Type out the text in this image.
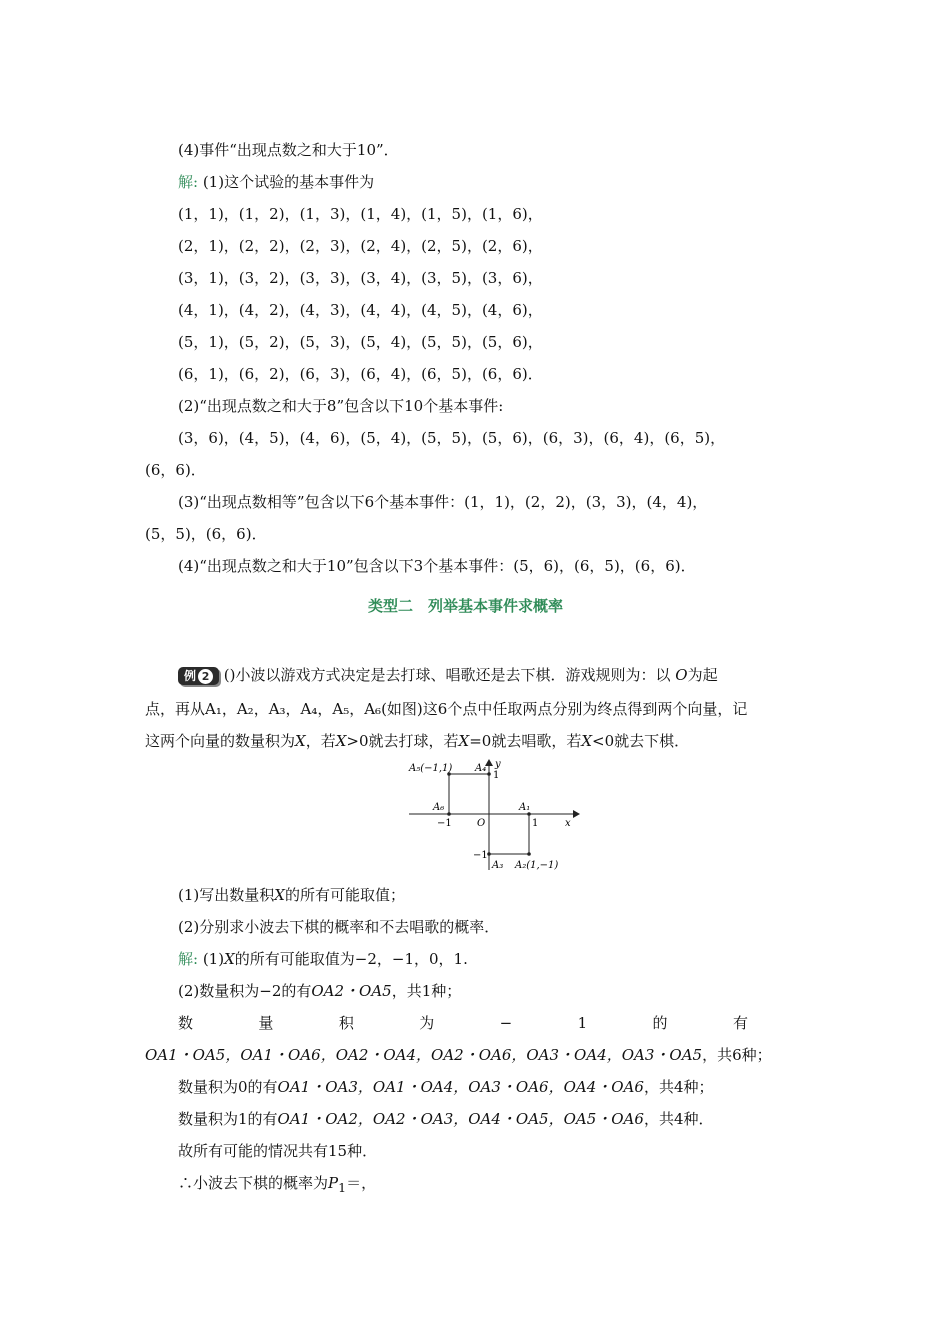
(4)事件“出现点数之和大于10”．
解: (1)这个试验的基本事件为
(1，1)，(1，2)，(1，3)，(1，4)，(1，5)，(1，6)，
(2，1)，(2，2)，(2，3)，(2，4)，(2，5)，(2，6)，
(3，1)，(3，2)，(3，3)，(3，4)，(3，5)，(3，6)，
(4，1)，(4，2)，(4，3)，(4，4)，(4，5)，(4，6)，
(5，1)，(5，2)，(5，3)，(5，4)，(5，5)，(5，6)，
(6，1)，(6，2)，(6，3)，(6，4)，(6，5)，(6，6)．
(2)“出现点数之和大于8”包含以下10个基本事件:
(3，6)，(4，5)，(4，6)，(5，4)，(5，5)，(5，6)，(6，3)，(6，4)，(6，5)，
(6，6)．
(3)“出现点数相等”包含以下6个基本事件：(1，1)，(2，2)，(3，3)，(4，4)，
(5，5)，(6，6)．
(4)“出现点数之和大于10”包含以下3个基本事件：(5，6)，(6，5)，(6，6)．
类型二　列举基本事件求概率
例 2 ()小波以游戏方式决定是去打球、唱歌还是去下棋．游戏规则为：以 O为起
点，再从A₁，A₂，A₃，A₄，A₅，A₆(如图)这6个点中任取两点分别为终点得到两个向量，记
这两个向量的数量积为X，若X>0就去打球，若X=0就去唱歌，若X<0就去下棋．
A₅(−1,1) A₄
1
y
A₆	A₁
−1	O	1	x
−1
A₃ A₂(1,−1)
(1)写出数量积X的所有可能取值；
(2)分别求小波去下棋的概率和不去唱歌的概率．
解: (1)X的所有可能取值为−2，−1，0，1.
(2)数量积为−2的有OA2・OA5，共1种；
数	量	积	为	−	1	的	有
OA1・OA5，OA1・OA6，OA2・OA4，OA2・OA6，OA3・OA4，OA3・OA5，共6种；
数量积为0的有OA1・OA3，OA1・OA4，OA3・OA6，OA4・OA6，共4种；
数量积为1的有OA1・OA2，OA2・OA3，OA4・OA5，OA5・OA6，共4种．
故所有可能的情况共有15种．
∴小波去下棋的概率为$P_1=$，
